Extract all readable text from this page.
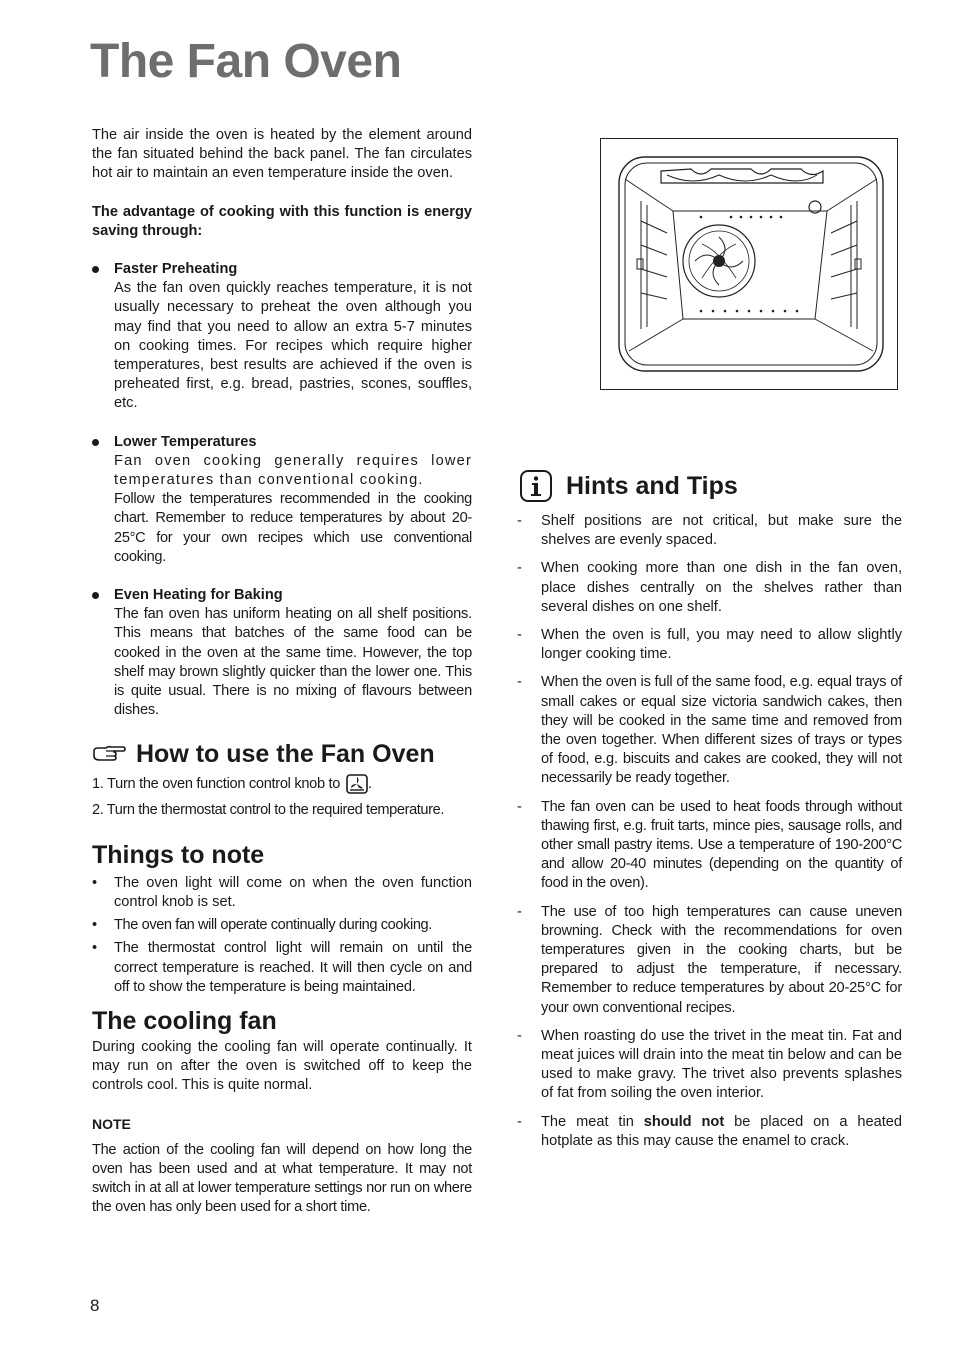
The Fan Oven

The air inside the oven is heated by the element around the fan situated behind the back panel. The fan circulates hot air to maintain an even temperature inside the oven.

The advantage of cooking with this function is energy saving through:

Faster Preheating

As the fan oven quickly reaches temperature, it is not usually necessary to preheat the oven although you may find that you need to allow an extra 5-7 minutes on cooking times. For recipes which require higher temperatures, best results are achieved if the oven is preheated first, e.g. bread, pastries, scones, souffles, etc.

Lower Temperatures

Fan oven cooking generally requires lower temperatures than conventional cooking.

Follow the temperatures recommended in the cooking chart. Remember to reduce temperatures by about 20-25°C for your own recipes which use conventional cooking.

Even Heating for Baking

The fan oven has uniform heating on all shelf positions. This means that batches of the same food can be cooked in the oven at the same time. However, the top shelf may brown slightly quicker than the lower one. This is quite usual. There is no mixing of flavours between dishes.

How to use the Fan Oven

1. Turn the oven function control knob to .

2. Turn the thermostat control to the required temperature.

Things to note
• The oven light will come on when the oven function control knob is set.
• The oven fan will operate continually during cooking.
• The thermostat control light will remain on until the correct temperature is reached. It will then cycle on and off to show the temperature is being maintained.
The cooling fan

During cooking the cooling fan will operate continually. It may run on after the oven is switched off to keep the controls cool. This is quite normal.

NOTE

The action of the cooling fan will depend on how long the oven has been used and at what temperature. It may not switch in at all at lower temperature settings nor run on where the oven has only been used for a short time.

Hints and Tips
- Shelf positions are not critical, but make sure the shelves are evenly spaced.
- When cooking more than one dish in the fan oven, place dishes centrally on the shelves rather than several dishes on one shelf.
- When the oven is full, you may need to allow slightly longer cooking time.
- When the oven is full of the same food, e.g. equal trays of small cakes or equal size victoria sandwich cakes, then they will be cooked in the same time and removed from the oven together. When different sizes of trays or types of food, e.g. biscuits and cakes are cooked, they will not necessarily be ready together.
- The fan oven can be used to heat foods through without thawing first, e.g. fruit tarts, mince pies, sausage rolls, and other small pastry items. Use a temperature of 190-200°C and allow 20-40 minutes (depending on the quantity of food in the oven).
- The use of too high temperatures can cause uneven browning. Check with the recommendations for oven temperatures given in the cooking charts, but be prepared to adjust the temperature, if necessary. Remember to reduce temperatures by about 20-25°C for your own conventional recipes.
- When roasting do use the trivet in the meat tin. Fat and meat juices will drain into the meat tin below and can be used to make gravy. The trivet also prevents splashes of fat from soiling the oven interior.
- The meat tin should not be placed on a heated hotplate as this may cause the enamel to crack.
8
